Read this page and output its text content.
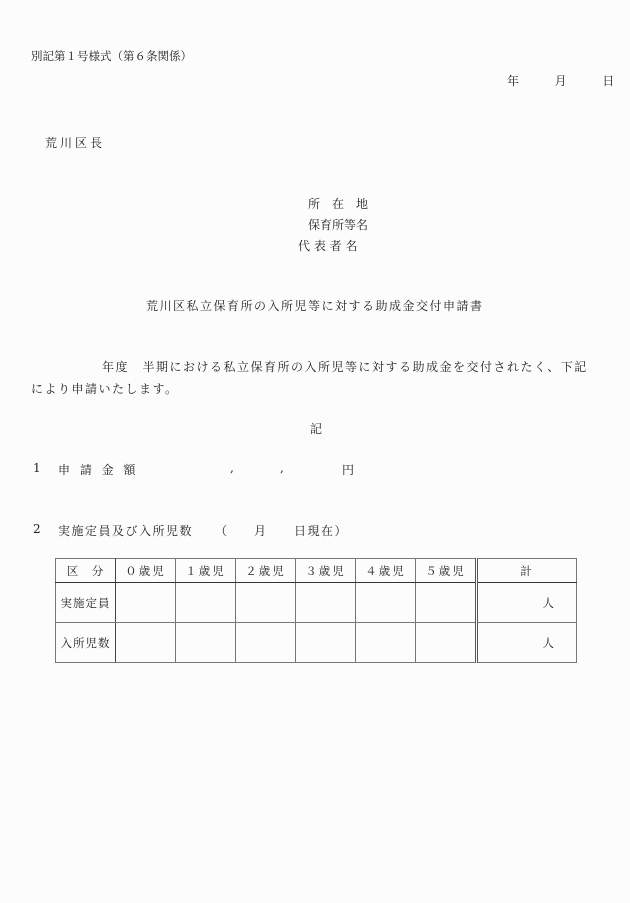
別記第１号様式（第６条関係）
年	月	日
荒川区長
所　在　地
保育所等名
代 表 者 名
荒川区私立保育所の入所児等に対する助成金交付申請書
年度　半期における私立保育所の入所児等に対する助成金を交付されたく、下記
により申請いたします。
記
1 申 請 金 額	,	,	円
2 実施定員及び入所児数 （ 月 日現在）
区　分	０歳児	１歳児	２歳児	３歳児	４歳児	５歳児	計
実施定員							人
入所児数							人
